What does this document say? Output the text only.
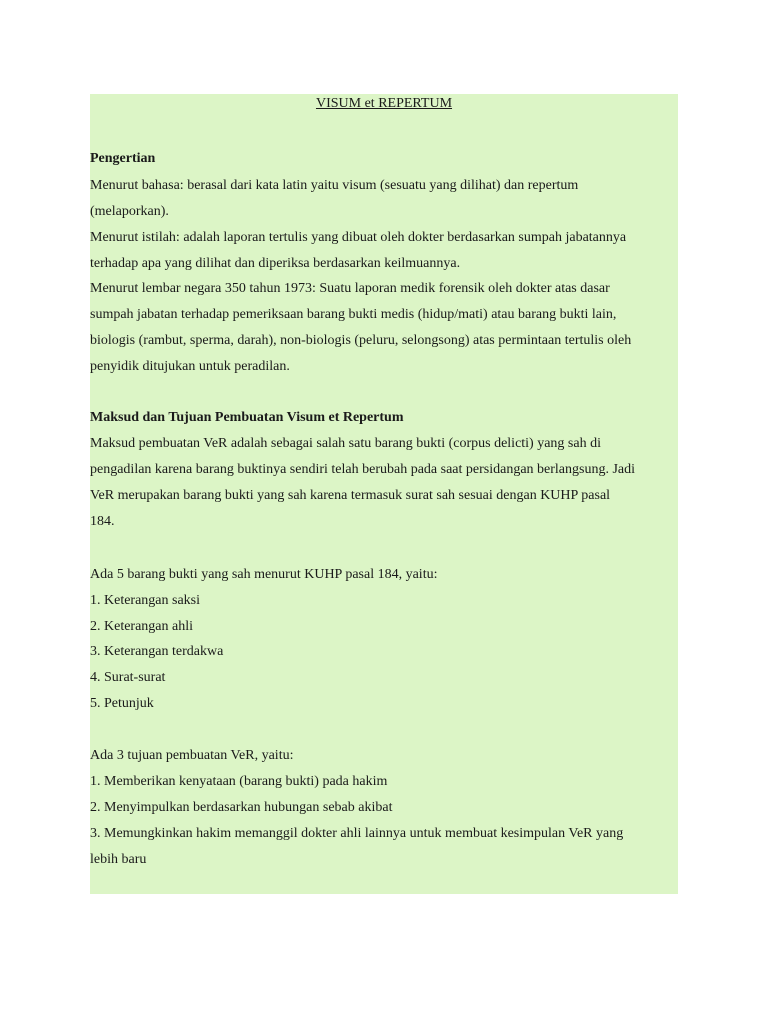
VISUM et REPERTUM
Pengertian
Menurut bahasa: berasal dari kata latin yaitu visum (sesuatu yang dilihat) dan repertum
(melaporkan).
Menurut istilah: adalah laporan tertulis yang dibuat oleh dokter berdasarkan sumpah jabatannya
terhadap apa yang dilihat dan diperiksa berdasarkan keilmuannya.
Menurut lembar negara 350 tahun 1973: Suatu laporan medik forensik oleh dokter atas dasar
sumpah jabatan terhadap pemeriksaan barang bukti medis (hidup/mati) atau barang bukti lain,
biologis (rambut, sperma, darah), non-biologis (peluru, selongsong) atas permintaan tertulis oleh
penyidik ditujukan untuk peradilan.
Maksud dan Tujuan Pembuatan Visum et Repertum
Maksud pembuatan VeR adalah sebagai salah satu barang bukti (corpus delicti) yang sah di
pengadilan karena barang buktinya sendiri telah berubah pada saat persidangan berlangsung. Jadi
VeR merupakan barang bukti yang sah karena termasuk surat sah sesuai dengan KUHP pasal
184.
Ada 5 barang bukti yang sah menurut KUHP pasal 184, yaitu:
1. Keterangan saksi
2. Keterangan ahli
3. Keterangan terdakwa
4. Surat-surat
5. Petunjuk
Ada 3 tujuan pembuatan VeR, yaitu:
1. Memberikan kenyataan (barang bukti) pada hakim
2. Menyimpulkan berdasarkan hubungan sebab akibat
3. Memungkinkan hakim memanggil dokter ahli lainnya untuk membuat kesimpulan VeR yang
lebih baru
